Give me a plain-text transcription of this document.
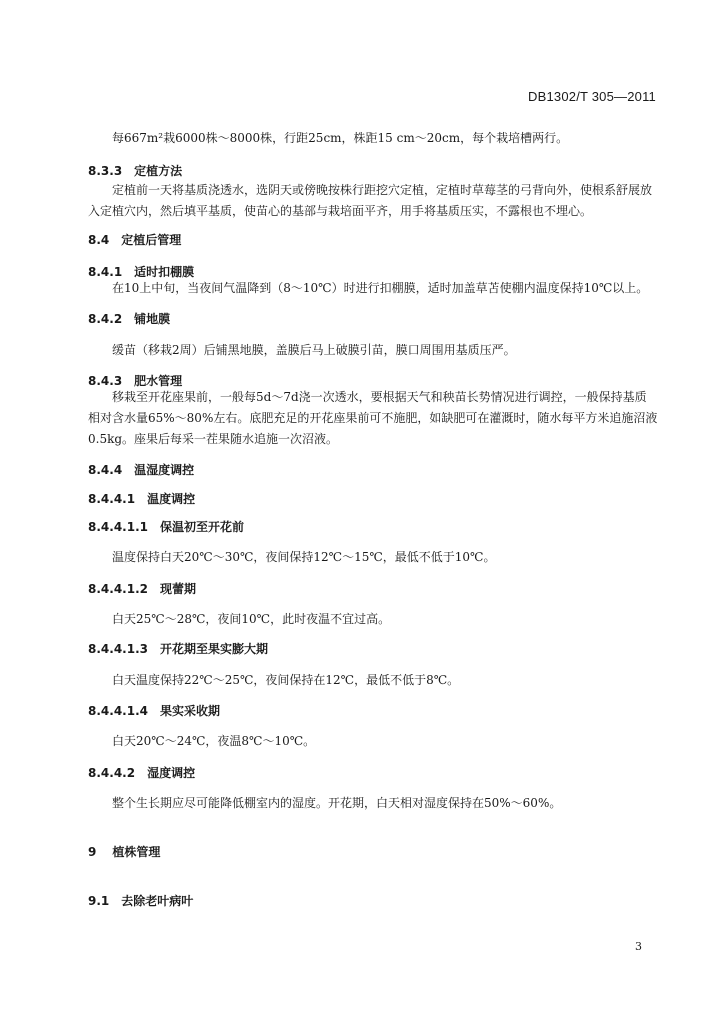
DB1302/T 305—2011
每667m²栽6000株～8000株，行距25cm，株距15 cm～20cm，每个栽培槽两行。
8.3.3 定植方法
定植前一天将基质浇透水，选阴天或傍晚按株行距挖穴定植，定植时草莓茎的弓背向外，使根系舒展放入定植穴内，然后填平基质，使苗心的基部与栽培面平齐，用手将基质压实，不露根也不埋心。
8.4 定植后管理
8.4.1 适时扣棚膜
在10上中旬，当夜间气温降到（8～10℃）时进行扣棚膜，适时加盖草苫使棚内温度保持10℃以上。
8.4.2 铺地膜
缓苗（移栽2周）后铺黑地膜，盖膜后马上破膜引苗，膜口周围用基质压严。
8.4.3 肥水管理
移栽至开花座果前，一般每5d～7d浇一次透水，要根据天气和秧苗长势情况进行调控，一般保持基质相对含水量65%～80%左右。底肥充足的开花座果前可不施肥，如缺肥可在灌溉时，随水每平方米追施沼液0.5kg。座果后每采一茬果随水追施一次沼液。
8.4.4 温湿度调控
8.4.4.1 温度调控
8.4.4.1.1 保温初至开花前
温度保持白天20℃～30℃，夜间保持12℃～15℃，最低不低于10℃。
8.4.4.1.2 现蕾期
白天25℃～28℃，夜间10℃，此时夜温不宜过高。
8.4.4.1.3 开花期至果实膨大期
白天温度保持22℃～25℃，夜间保持在12℃，最低不低于8℃。
8.4.4.1.4 果实采收期
白天20℃～24℃，夜温8℃～10℃。
8.4.4.2 湿度调控
整个生长期应尽可能降低棚室内的湿度。开花期，白天相对湿度保持在50%～60%。
9 植株管理
9.1 去除老叶病叶
3
